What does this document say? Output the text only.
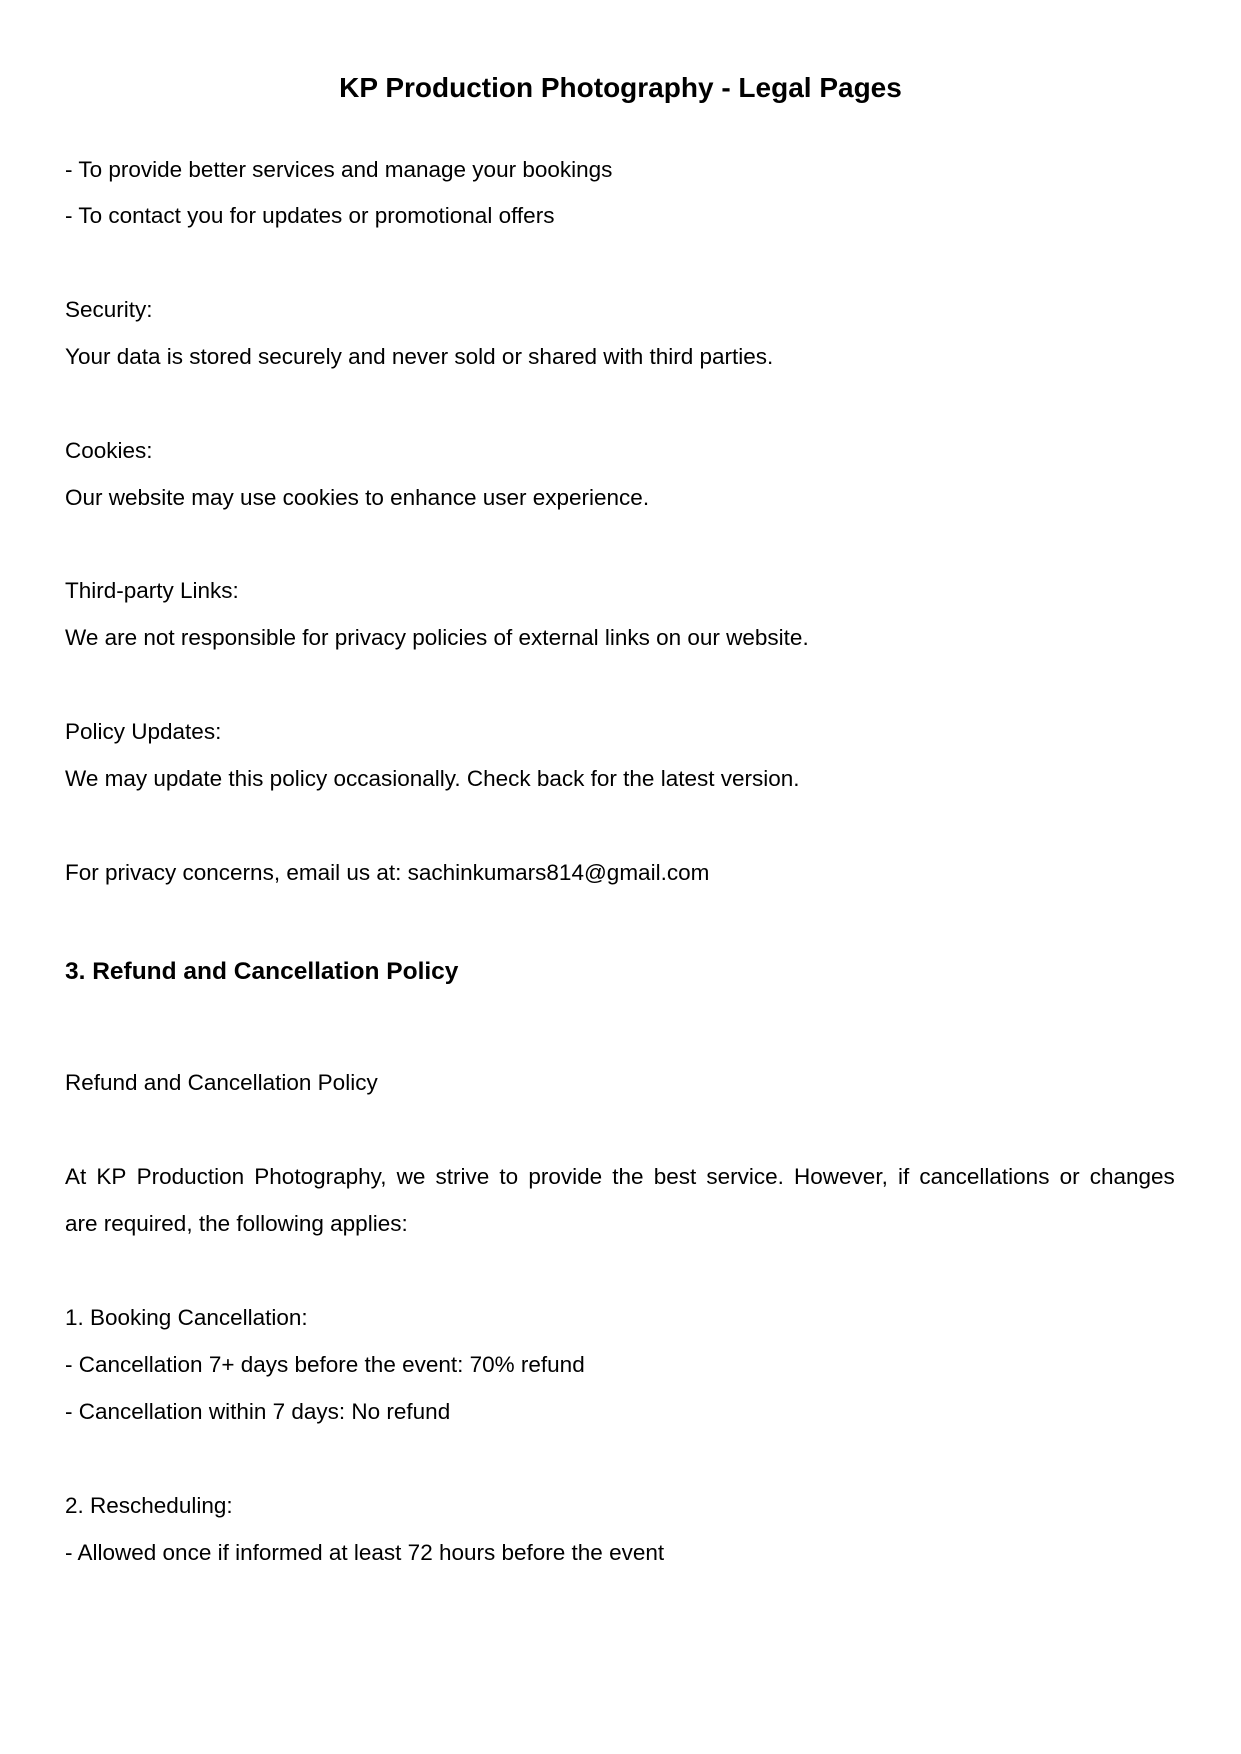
KP Production Photography - Legal Pages
- To provide better services and manage your bookings
- To contact you for updates or promotional offers
Security:
Your data is stored securely and never sold or shared with third parties.
Cookies:
Our website may use cookies to enhance user experience.
Third-party Links:
We are not responsible for privacy policies of external links on our website.
Policy Updates:
We may update this policy occasionally. Check back for the latest version.
For privacy concerns, email us at: sachinkumars814@gmail.com
3. Refund and Cancellation Policy
Refund and Cancellation Policy
At KP Production Photography, we strive to provide the best service. However, if cancellations or changes
are required, the following applies:
1. Booking Cancellation:
- Cancellation 7+ days before the event: 70% refund
- Cancellation within 7 days: No refund
2. Rescheduling:
- Allowed once if informed at least 72 hours before the event
